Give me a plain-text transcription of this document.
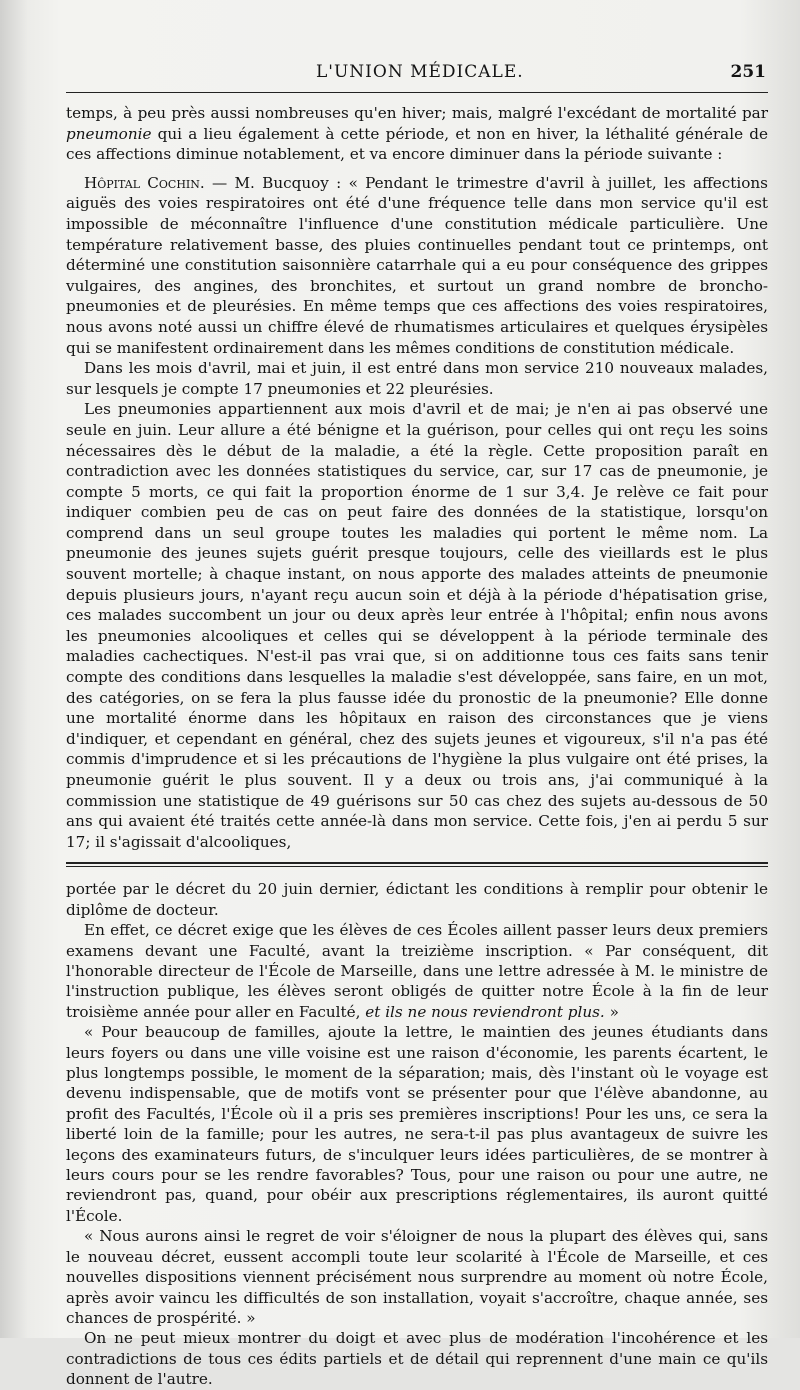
L'UNION MÉDICALE.	251

temps, à peu près aussi nombreuses qu'en hiver; mais, malgré l'excédant de mortalité par pneumonie qui a lieu également à cette période, et non en hiver, la léthalité générale de ces affections diminue notablement, et va encore diminuer dans la période suivante :

Hôpital Cochin. — M. Bucquoy : « Pendant le trimestre d'avril à juillet, les affections aiguës des voies respiratoires ont été d'une fréquence telle dans mon service qu'il est impossible de méconnaître l'influence d'une constitution médicale particulière. Une température relativement basse, des pluies continuelles pendant tout ce printemps, ont déterminé une constitution saisonnière catarrhale qui a eu pour conséquence des grippes vulgaires, des angines, des bronchites, et surtout un grand nombre de broncho-pneumonies et de pleurésies. En même temps que ces affections des voies respiratoires, nous avons noté aussi un chiffre élevé de rhumatismes articulaires et quelques érysipèles qui se manifestent ordinairement dans les mêmes conditions de constitution médicale.

Dans les mois d'avril, mai et juin, il est entré dans mon service 210 nouveaux malades, sur lesquels je compte 17 pneumonies et 22 pleurésies.

Les pneumonies appartiennent aux mois d'avril et de mai; je n'en ai pas observé une seule en juin. Leur allure a été bénigne et la guérison, pour celles qui ont reçu les soins nécessaires dès le début de la maladie, a été la règle. Cette proposition paraît en contradiction avec les données statistiques du service, car, sur 17 cas de pneumonie, je compte 5 morts, ce qui fait la proportion énorme de 1 sur 3,4. Je relève ce fait pour indiquer combien peu de cas on peut faire des données de la statistique, lorsqu'on comprend dans un seul groupe toutes les maladies qui portent le même nom. La pneumonie des jeunes sujets guérit presque toujours, celle des vieillards est le plus souvent mortelle; à chaque instant, on nous apporte des malades atteints de pneumonie depuis plusieurs jours, n'ayant reçu aucun soin et déjà à la période d'hépatisation grise, ces malades succombent un jour ou deux après leur entrée à l'hôpital; enfin nous avons les pneumonies alcooliques et celles qui se développent à la période terminale des maladies cachectiques. N'est-il pas vrai que, si on additionne tous ces faits sans tenir compte des conditions dans lesquelles la maladie s'est développée, sans faire, en un mot, des catégories, on se fera la plus fausse idée du pronostic de la pneumonie? Elle donne une mortalité énorme dans les hôpitaux en raison des circonstances que je viens d'indiquer, et cependant en général, chez des sujets jeunes et vigoureux, s'il n'a pas été commis d'imprudence et si les précautions de l'hygiène la plus vulgaire ont été prises, la pneumonie guérit le plus souvent. Il y a deux ou trois ans, j'ai communiqué à la commission une statistique de 49 guérisons sur 50 cas chez des sujets au-dessous de 50 ans qui avaient été traités cette année-là dans mon service. Cette fois, j'en ai perdu 5 sur 17; il s'agissait d'alcooliques,

portée par le décret du 20 juin dernier, édictant les conditions à remplir pour obtenir le diplôme de docteur.

En effet, ce décret exige que les élèves de ces Écoles aillent passer leurs deux premiers examens devant une Faculté, avant la treizième inscription. « Par conséquent, dit l'honorable directeur de l'École de Marseille, dans une lettre adressée à M. le ministre de l'instruction publique, les élèves seront obligés de quitter notre École à la fin de leur troisième année pour aller en Faculté, et ils ne nous reviendront plus. »

« Pour beaucoup de familles, ajoute la lettre, le maintien des jeunes étudiants dans leurs foyers ou dans une ville voisine est une raison d'économie, les parents écartent, le plus longtemps possible, le moment de la séparation; mais, dès l'instant où le voyage est devenu indispensable, que de motifs vont se présenter pour que l'élève abandonne, au profit des Facultés, l'École où il a pris ses premières inscriptions! Pour les uns, ce sera la liberté loin de la famille; pour les autres, ne sera-t-il pas plus avantageux de suivre les leçons des examinateurs futurs, de s'inculquer leurs idées particulières, de se montrer à leurs cours pour se les rendre favorables? Tous, pour une raison ou pour une autre, ne reviendront pas, quand, pour obéir aux prescriptions réglementaires, ils auront quitté l'École.

« Nous aurons ainsi le regret de voir s'éloigner de nous la plupart des élèves qui, sans le nouveau décret, eussent accompli toute leur scolarité à l'École de Marseille, et ces nouvelles dispositions viennent précisément nous surprendre au moment où notre École, après avoir vaincu les difficultés de son installation, voyait s'accroître, chaque année, ses chances de prospérité. »

On ne peut mieux montrer du doigt et avec plus de modération l'incohérence et les contradictions de tous ces édits partiels et de détail qui reprennent d'une main ce qu'ils donnent de l'autre.
